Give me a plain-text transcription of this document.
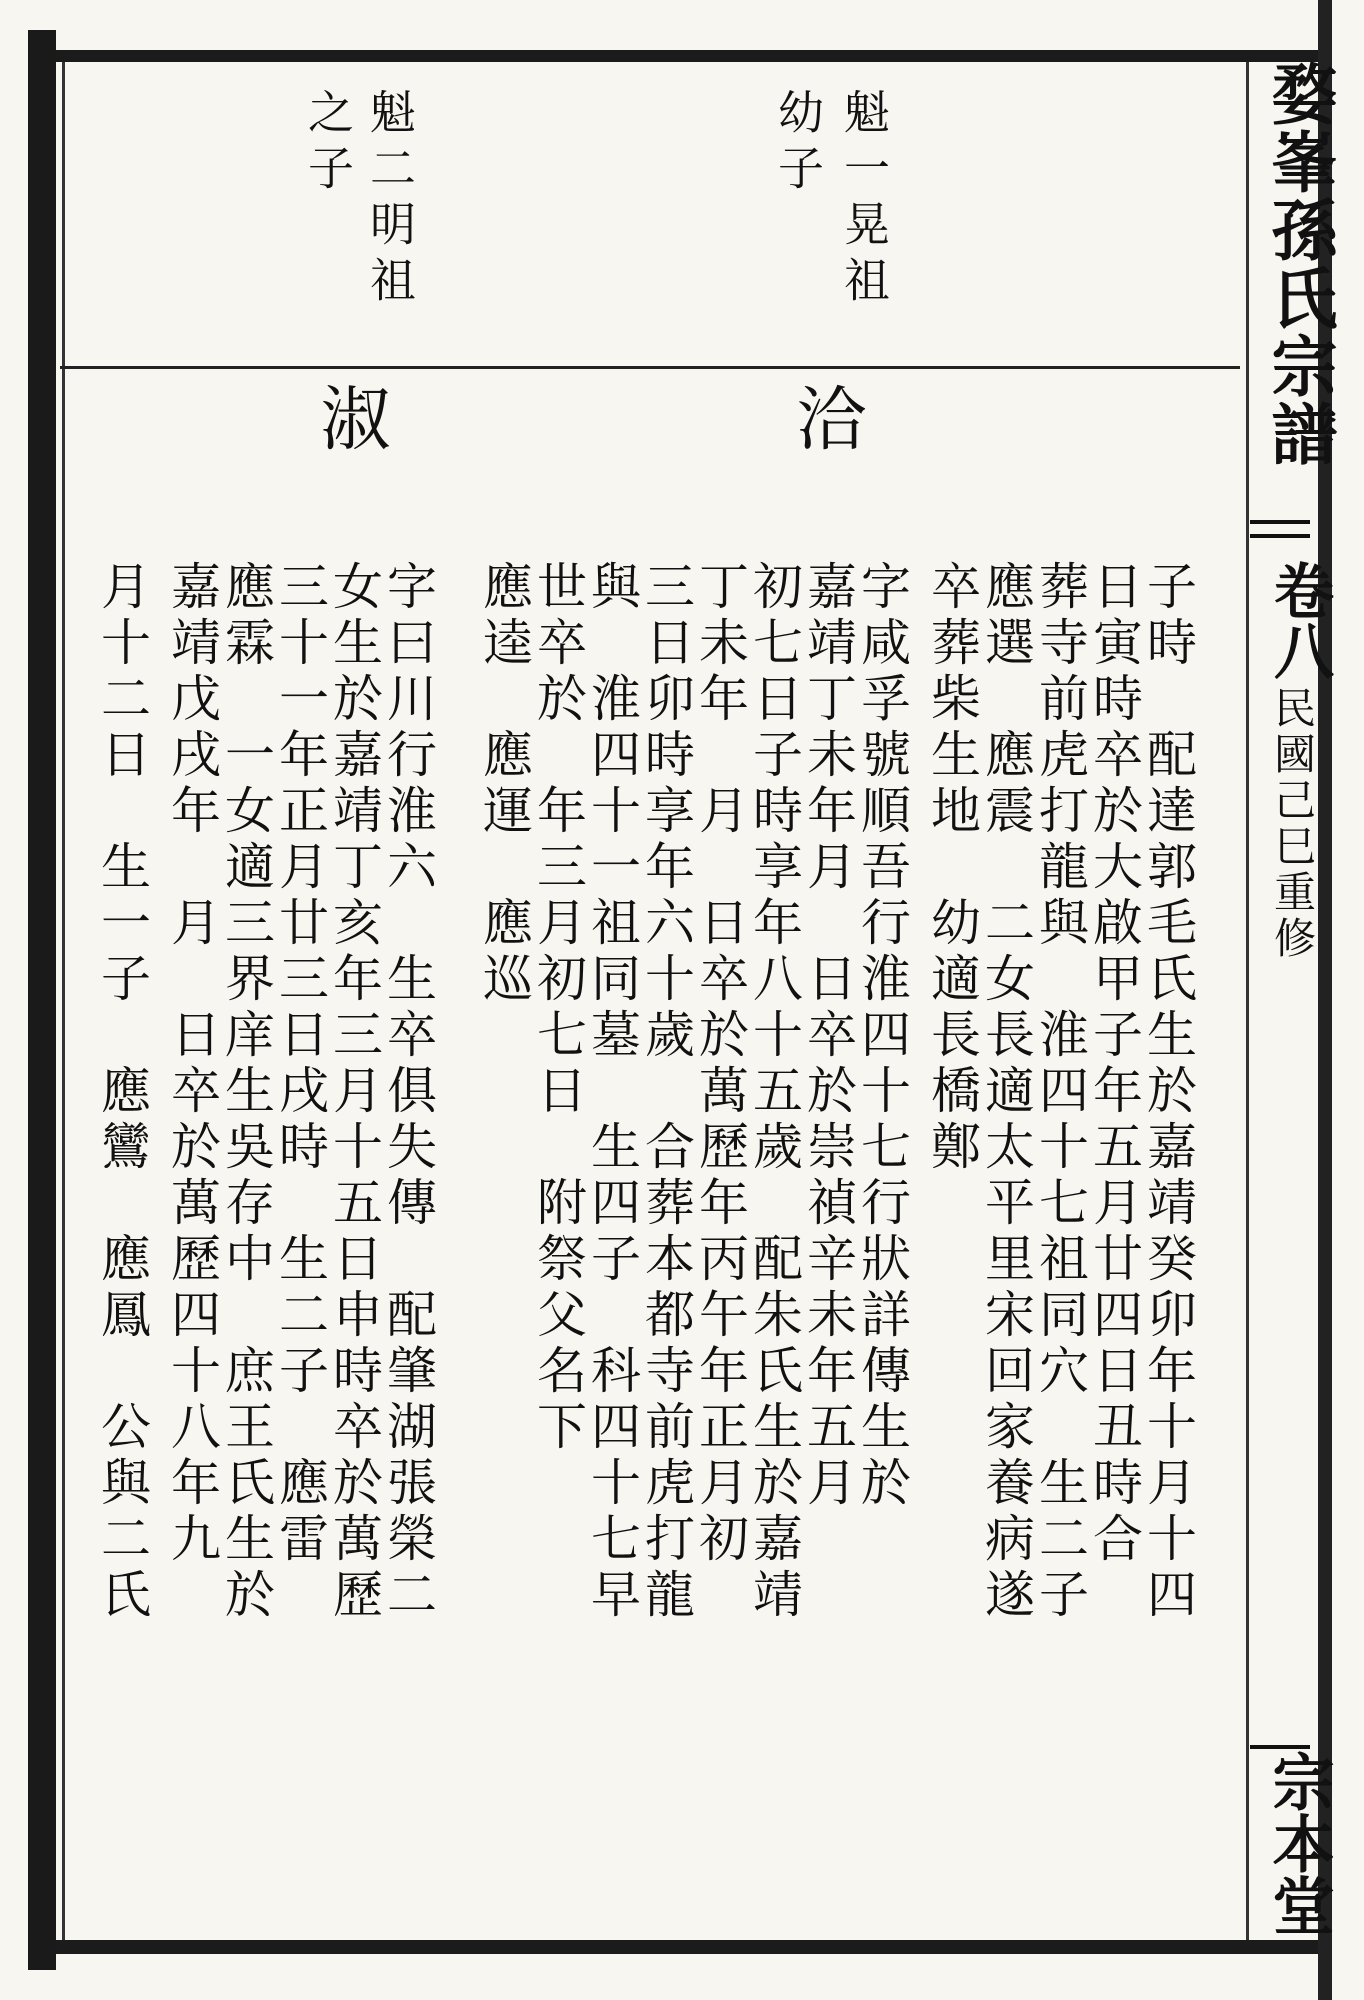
婺峯孫氏宗譜
卷八
民國己巳重修
宗本堂
魁一晃祖
幼子
魁二明祖
之子
洽
淑
子時　配達郭毛氏生於嘉靖癸卯年十月十四
日寅時卒於大啟甲子年五月廿四日丑時合
葬寺前虎打龍與　淮四十七祖同穴　生二子
應選　應震　二女長適太平里宋回家養病遂
卒葬柴生地　幼適長橋鄭
字咸孚號順吾行淮四十七行狀詳傳生於
嘉靖丁未年月　日卒於崇禎辛未年五月
初七日子時享年八十五歲　配朱氏生於嘉靖
丁未年　月　日卒於萬歷年丙午年正月初
三日卯時享年六十歲　合葬本都寺前虎打龍
與　淮四十一祖同墓　生四子　科四十七早
世卒於　年三月初七日　附祭父名下
應逵　應運　應巡
字曰川行淮六　生卒俱失傳　配肇湖張榮二
女生於嘉靖丁亥年三月十五日申時卒於萬歷
三十一年正月廿三日戌時　生二子　應雷
應霖　一女適三界庠生吳存中　庶王氏生於
嘉靖戊戌年　月　日卒於萬歷四十八年九
月十二日　生一子　應鸞　應鳳　公與二氏
